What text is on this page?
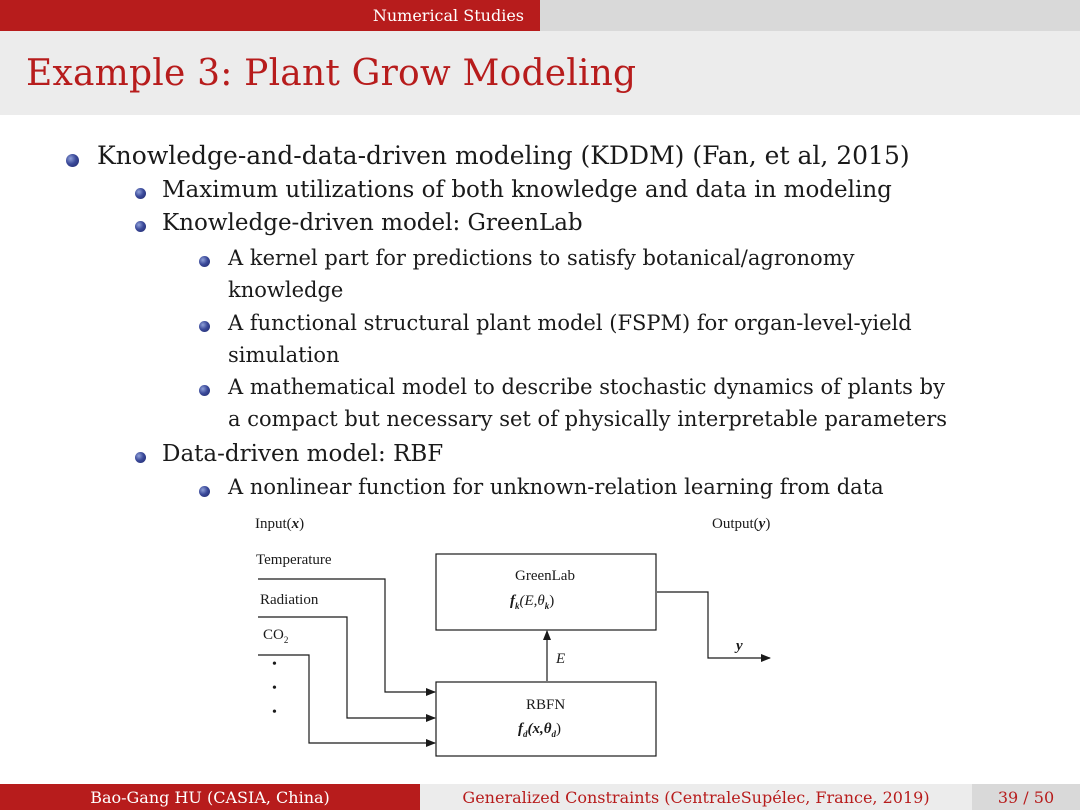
Numerical Studies
Example 3: Plant Grow Modeling
Knowledge-and-data-driven modeling (KDDM) (Fan, et al, 2015)
Maximum utilizations of both knowledge and data in modeling
Knowledge-driven model: GreenLab
A kernel part for predictions to satisfy botanical/agronomy
knowledge
A functional structural plant model (FSPM) for organ-level-yield
simulation
A mathematical model to describe stochastic dynamics of plants by
a compact but necessary set of physically interpretable parameters
Data-driven model: RBF
A nonlinear function for unknown-relation learning from data
Input(x)	Output(y)
Temperature
Radiation
$CO_2$
•
•
•
GreenLab
$f_k(E,\theta_k)$
RBFN
$f_d(x,\theta_d)$
E
y
Bao-Gang HU (CASIA, China)	Generalized Constraints (CentraleSupélec, France, 2019)	39 / 50
